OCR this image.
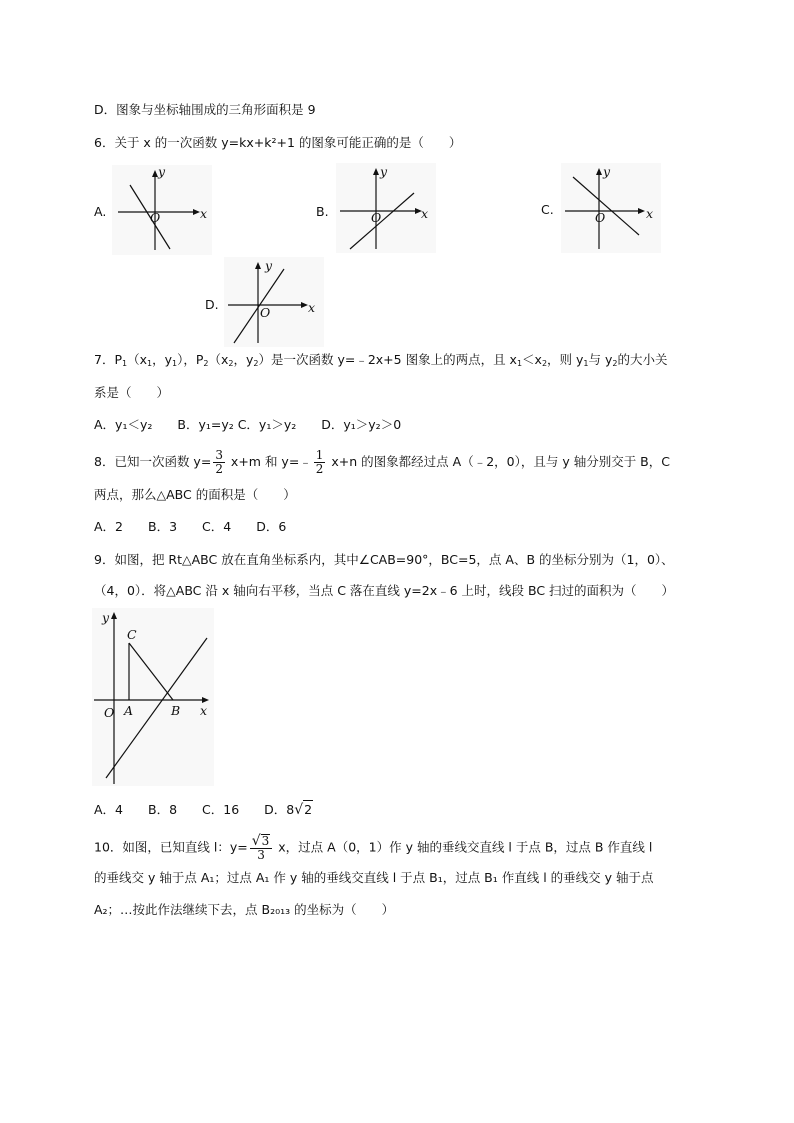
D．图象与坐标轴围成的三角形面积是 9
6．关于 x 的一次函数 y=kx+k²+1 的图象可能正确的是（　　）
A.
y
O	x	B.
y
O	x	C.
y
O	x
D.
y
O	x
7．$P_1(x_1$，$y_1$），$P_2(x_2$，$y_2$）是一次函数 y=﹣2x+5 图象上的两点，且 $x_1<x_2$，则 $y_1$与 $y_2$的大小关
系是（　　）
A．y₁＜y₂　　B．y₁=y₂ C．y₁＞y₂　　D．y₁＞y₂＞0
8．已知一次函数 $y= \frac{3}{2} x+m$ 和 y=﹣ $\frac{1}{2} x+n$ 的图象都经过点 A（﹣2，0），且与 y 轴分别交于 B，C
两点，那么△ABC 的面积是（　　）
A．2　　B．3　　C．4　　D．6
9．如图，把 Rt△ABC 放在直角坐标系内，其中∠CAB=90°，BC=5，点 A、B 的坐标分别为（1，0）、
（4，0）．将△ABC 沿 x 轴向右平移，当点 C 落在直线 y=2x﹣6 上时，线段 BC 扫过的面积为（　　）
y
C
O A	B x
A．4　　B．8　　C．16　　D．8√2
10．如图，已知直线 l：$y= \frac{√3}{3}$ x，过点 A（0，1）作 y 轴的垂线交直线 l 于点 B，过点 B 作直线 l
的垂线交 y 轴于点 A₁；过点 A₁ 作 y 轴的垂线交直线 l 于点 B₁，过点 B₁ 作直线 l 的垂线交 y 轴于点
A₂；…按此作法继续下去，点 B₂₀₁₃ 的坐标为（　　）
